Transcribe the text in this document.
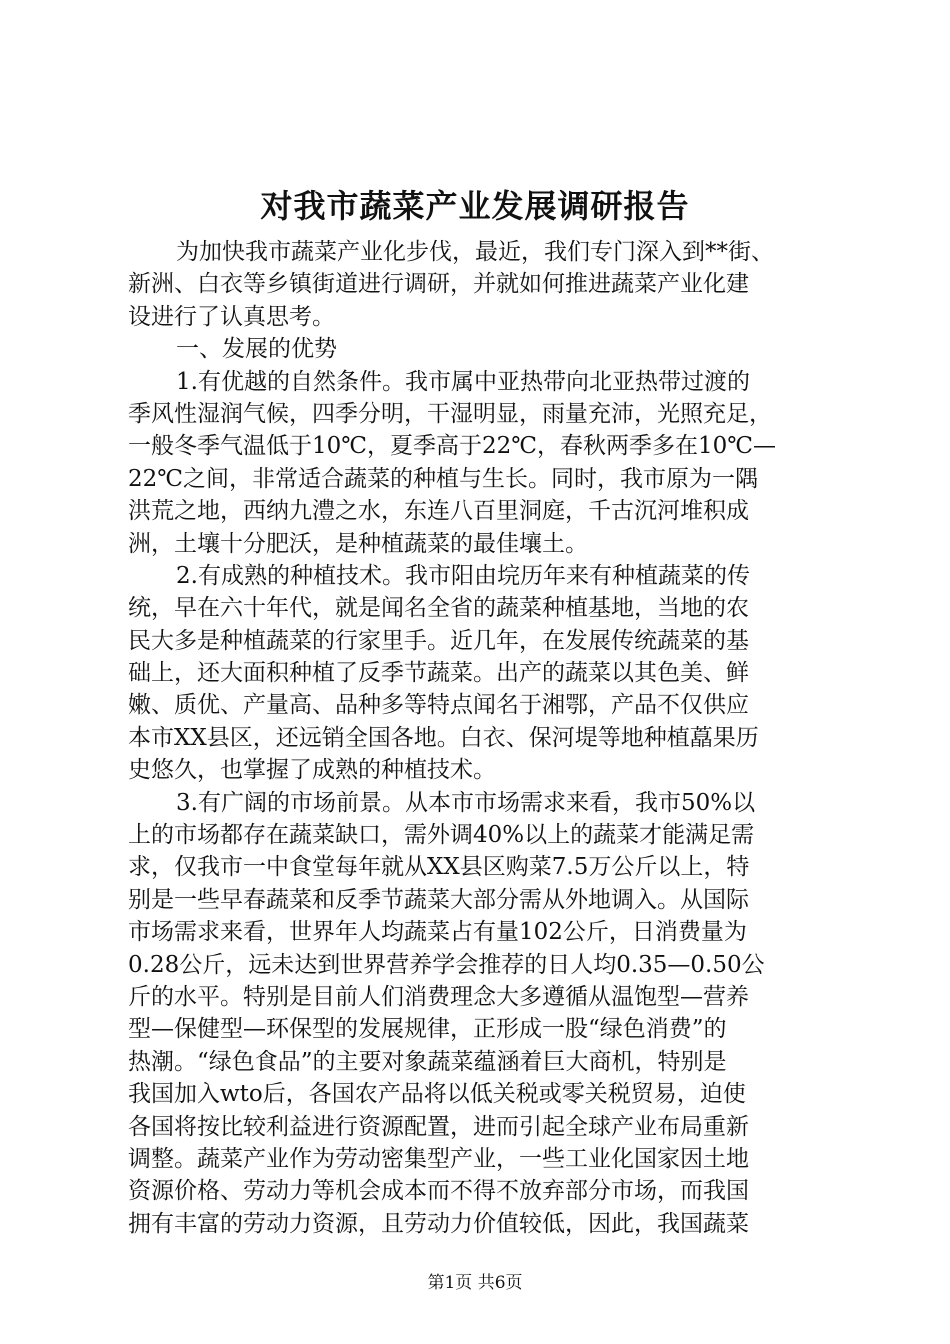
对我市蔬菜产业发展调研报告
为加快我市蔬菜产业化步伐，最近，我们专门深入到**街、
新洲、白衣等乡镇街道进行调研，并就如何推进蔬菜产业化建
设进行了认真思考。
一、发展的优势
1.有优越的自然条件。我市属中亚热带向北亚热带过渡的
季风性湿润气候，四季分明，干湿明显，雨量充沛，光照充足，
一般冬季气温低于10℃，夏季高于22℃，春秋两季多在10℃—
22℃之间，非常适合蔬菜的种植与生长。同时，我市原为一隅
洪荒之地，西纳九澧之水，东连八百里洞庭，千古沉河堆积成
洲，土壤十分肥沃，是种植蔬菜的最佳壤土。
2.有成熟的种植技术。我市阳由垸历年来有种植蔬菜的传
统，早在六十年代，就是闻名全省的蔬菜种植基地，当地的农
民大多是种植蔬菜的行家里手。近几年，在发展传统蔬菜的基
础上，还大面积种植了反季节蔬菜。出产的蔬菜以其色美、鲜
嫩、质优、产量高、品种多等特点闻名于湘鄂，产品不仅供应
本市XX县区，还远销全国各地。白衣、保河堤等地种植藠果历
史悠久，也掌握了成熟的种植技术。
3.有广阔的市场前景。从本市市场需求来看，我市50%以
上的市场都存在蔬菜缺口，需外调40%以上的蔬菜才能满足需
求，仅我市一中食堂每年就从XX县区购菜7.5万公斤以上，特
别是一些早春蔬菜和反季节蔬菜大部分需从外地调入。从国际
市场需求来看，世界年人均蔬菜占有量102公斤，日消费量为
0.28公斤，远未达到世界营养学会推荐的日人均0.35—0.50公
斤的水平。特别是目前人们消费理念大多遵循从温饱型—营养
型—保健型—环保型的发展规律，正形成一股“绿色消费”的
热潮。“绿色食品”的主要对象蔬菜蕴涵着巨大商机，特别是
我国加入wto后，各国农产品将以低关税或零关税贸易，迫使
各国将按比较利益进行资源配置，进而引起全球产业布局重新
调整。蔬菜产业作为劳动密集型产业，一些工业化国家因土地
资源价格、劳动力等机会成本而不得不放弃部分市场，而我国
拥有丰富的劳动力资源，且劳动力价值较低，因此，我国蔬菜
第1页 共6页
